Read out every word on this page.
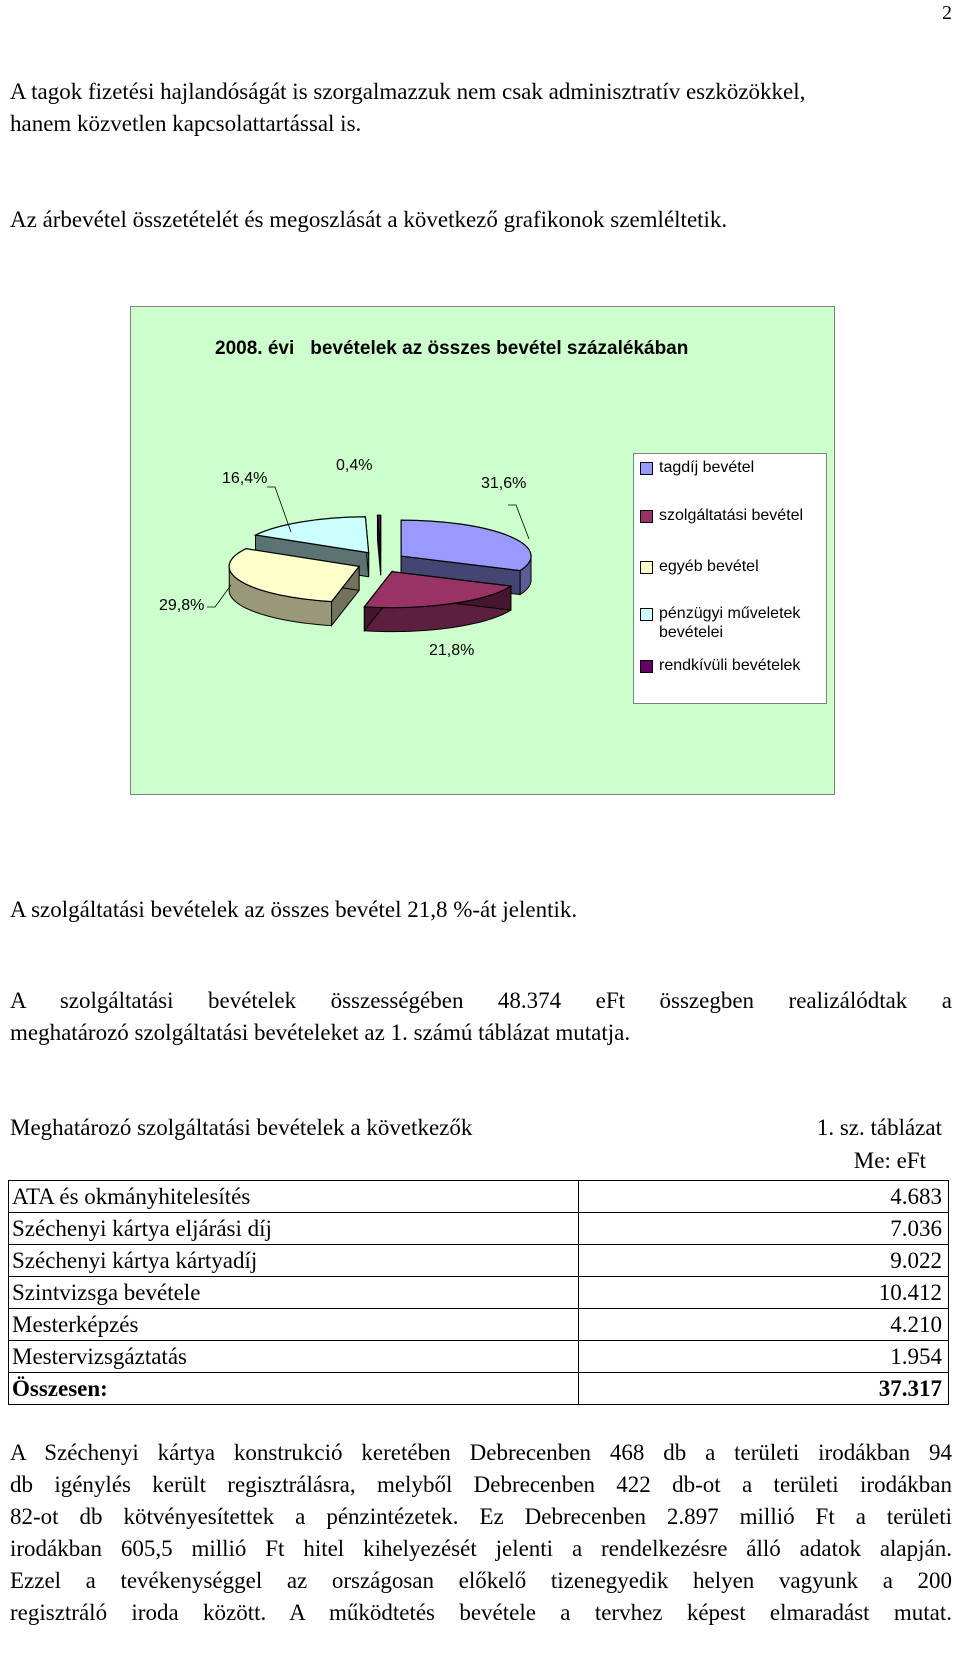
2
A tagok fizetési hajlandóságát is szorgalmazzuk nem csak adminisztratív eszközökkel,
hanem közvetlen kapcsolattartással is.
Az árbevétel összetételét és megoszlását a következő grafikonok szemléltetik.
2008. évi bevételek az összes bevétel százalékában
31,6%
21,8%
29,8%
16,4%
0,4%	tagdíj bevétel
szolgáltatási bevétel
egyéb bevétel
pénzügyi műveletek bevételei
rendkívüli bevételek
A szolgáltatási bevételek az összes bevétel 21,8 %-át jelentik.
A szolgáltatási bevételek összességében 48.374 eFt összegben realizálódtak a
meghatározó szolgáltatási bevételeket az 1. számú táblázat mutatja.
Meghatározó szolgáltatási bevételek a következők	1. sz. táblázat
Me: eFt
ATA és okmányhitelesítés	4.683
Széchenyi kártya eljárási díj	7.036
Széchenyi kártya kártyadíj	9.022
Szintvizsga bevétele	10.412
Mesterképzés	4.210
Mestervizsgáztatás	1.954
Összesen:	37.317
A Széchenyi kártya konstrukció keretében Debrecenben 468 db a területi irodákban 94
db igénylés került regisztrálásra, melyből Debrecenben 422 db-ot a területi irodákban
82-ot db kötvényesítettek a pénzintézetek. Ez Debrecenben 2.897 millió Ft a területi
irodákban 605,5 millió Ft hitel kihelyezését jelenti a rendelkezésre álló adatok alapján.
Ezzel a tevékenységgel az országosan előkelő tizenegyedik helyen vagyunk a 200
regisztráló iroda között. A működtetés bevétele a tervhez képest elmaradást mutat.
